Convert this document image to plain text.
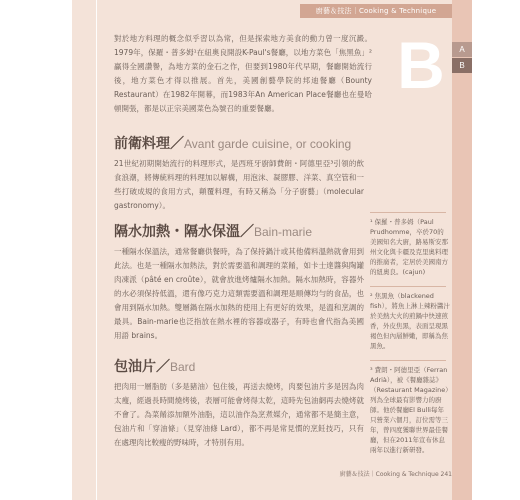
廚藝＆技法｜Cooking & Technique
B	A
B

對於地方料理的概念似乎習以為常，但是探索地方美食的動力曾一度沉澱。1979年，保羅・普多姆¹在紐奧良開設K-Paul's餐廳，以地方菜色「焦黑魚」²贏得全國讚譽，為地方菜的金石之作，但要到1980年代早期，餐廳開始流行後，地方菜色才得以推展。首先，美國創藝學院的邦迪餐廳（Bounty Restaurant）在1982年開幕，而1983年An American Place餐廳也在曼哈頓開張，都是以正宗美國菜色為號召的重要餐廳。

前衛料理／Avant garde cuisine, or cooking

21世紀初期開始流行的料理形式，是西班牙廚師費朗・阿德里亞³引領的飲食浪潮，將傳統料理的料理加以解構，用泡沫、凝膠膠、洋菜、真空管和一些打破成規的食用方式，顛覆料理，有時又稱為「分子廚藝」（molecular gastronomy）。

隔水加熱・隔水保溫／Bain-marie

一種隔水保溫法，通常餐廳供餐時，為了保持鍋汁或其他備料溫熱就會用到此法。也是一種隔水加熱法，對於需要溫和調理的菜餚，如卡士達醬與陶罐肉凍派（pâté en croûte），就會放進烤爐隔水加熱。隔水加熱時，容器外的水必須保持低溫，還有像巧克力這類需要溫和調理是順傳均勻的食品，也會用到隔水加熱。雙層鍋在隔水加熱的使用上有更好的效果，是溫和烹調的最具。Bain-marie也泛指放在熱水裡的容器或器子，有時也會代指為美國用語 brains。

包油片／Bard

把肉用一層脂肪（多是豬油）包住後，再送去燒烤，肉要包油片多是因為肉太瘦，經過長時間燒烤後，表層可能會烤得太乾，這時先包油網再去燒烤就不會了。為菜餚添加額外油脂，這以油作為烹煮媒介，通常都不是簡主意，包油片和「穿油條」（見穿油條 Lard），都不再是常見慣的烹飪技巧，只有在處理肉比較瘦的野味時，才特別有用。

¹ 保羅・普多姆（Paul Prudhomme，卒於70的美國知名大廚，路易斯安那州文化與卡疆及克里奧料理的推廣者，定居於美國南方的紐奧良。(cajun)

² 焦黑魚（blackened fish），將魚上淋上辣粉醬汁於美熱大火的煎鍋中快速煎香，外皮焦黑，表面呈現黑褐色但內層鮮嫩，即稱為焦黑魚。

³ 費朗・阿德里亞（Ferran Adrià），被《餐廳雜誌》（Restaurant Magazine）列為全球最有影響力的廚師。他於餐廳El Bulli每年只營業六個月，訂位需等三年，曾四度獲聯世界最佳餐廳，但在2011年宣布休息兩年以進行新研發。

廚藝＆技法｜Cooking & Technique 241
